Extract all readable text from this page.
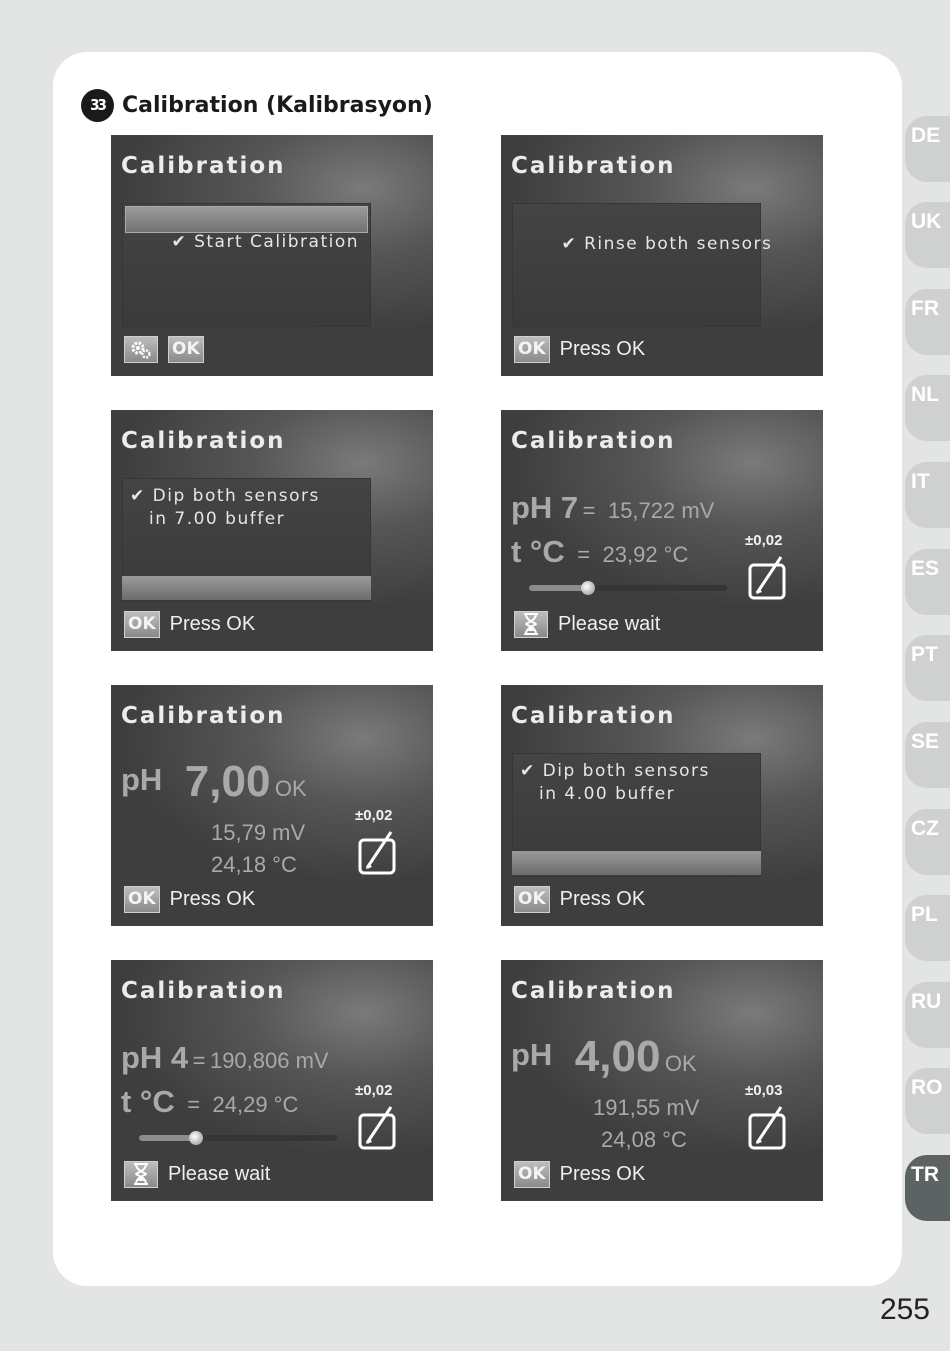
33 Calibration (Kalibrasyon)
Calibration

✔ Start Calibration

OK
Calibration

✔ Rinse both sensors

OK Press OK
Calibration
✔ Dip both sensors
in 7.00 buffer
OK Press OK
Calibration
pH 7 = 15,722 mV
t °C = 23,92 °C
±0,02
Please wait
Calibration
pH 7,00 OK
15,79 mV
24,18 °C
±0,02
OK Press OK
Calibration
✔ Dip both sensors
in 4.00 buffer
OK Press OK
Calibration
pH 4 = 190,806 mV
t °C = 24,29 °C
±0,02
Please wait
Calibration
pH 4,00 OK
191,55 mV
24,08 °C
±0,03
OK Press OK
DE
UK
FR
NL
IT
ES
PT
SE
CZ
PL
RU
RO
TR
255
